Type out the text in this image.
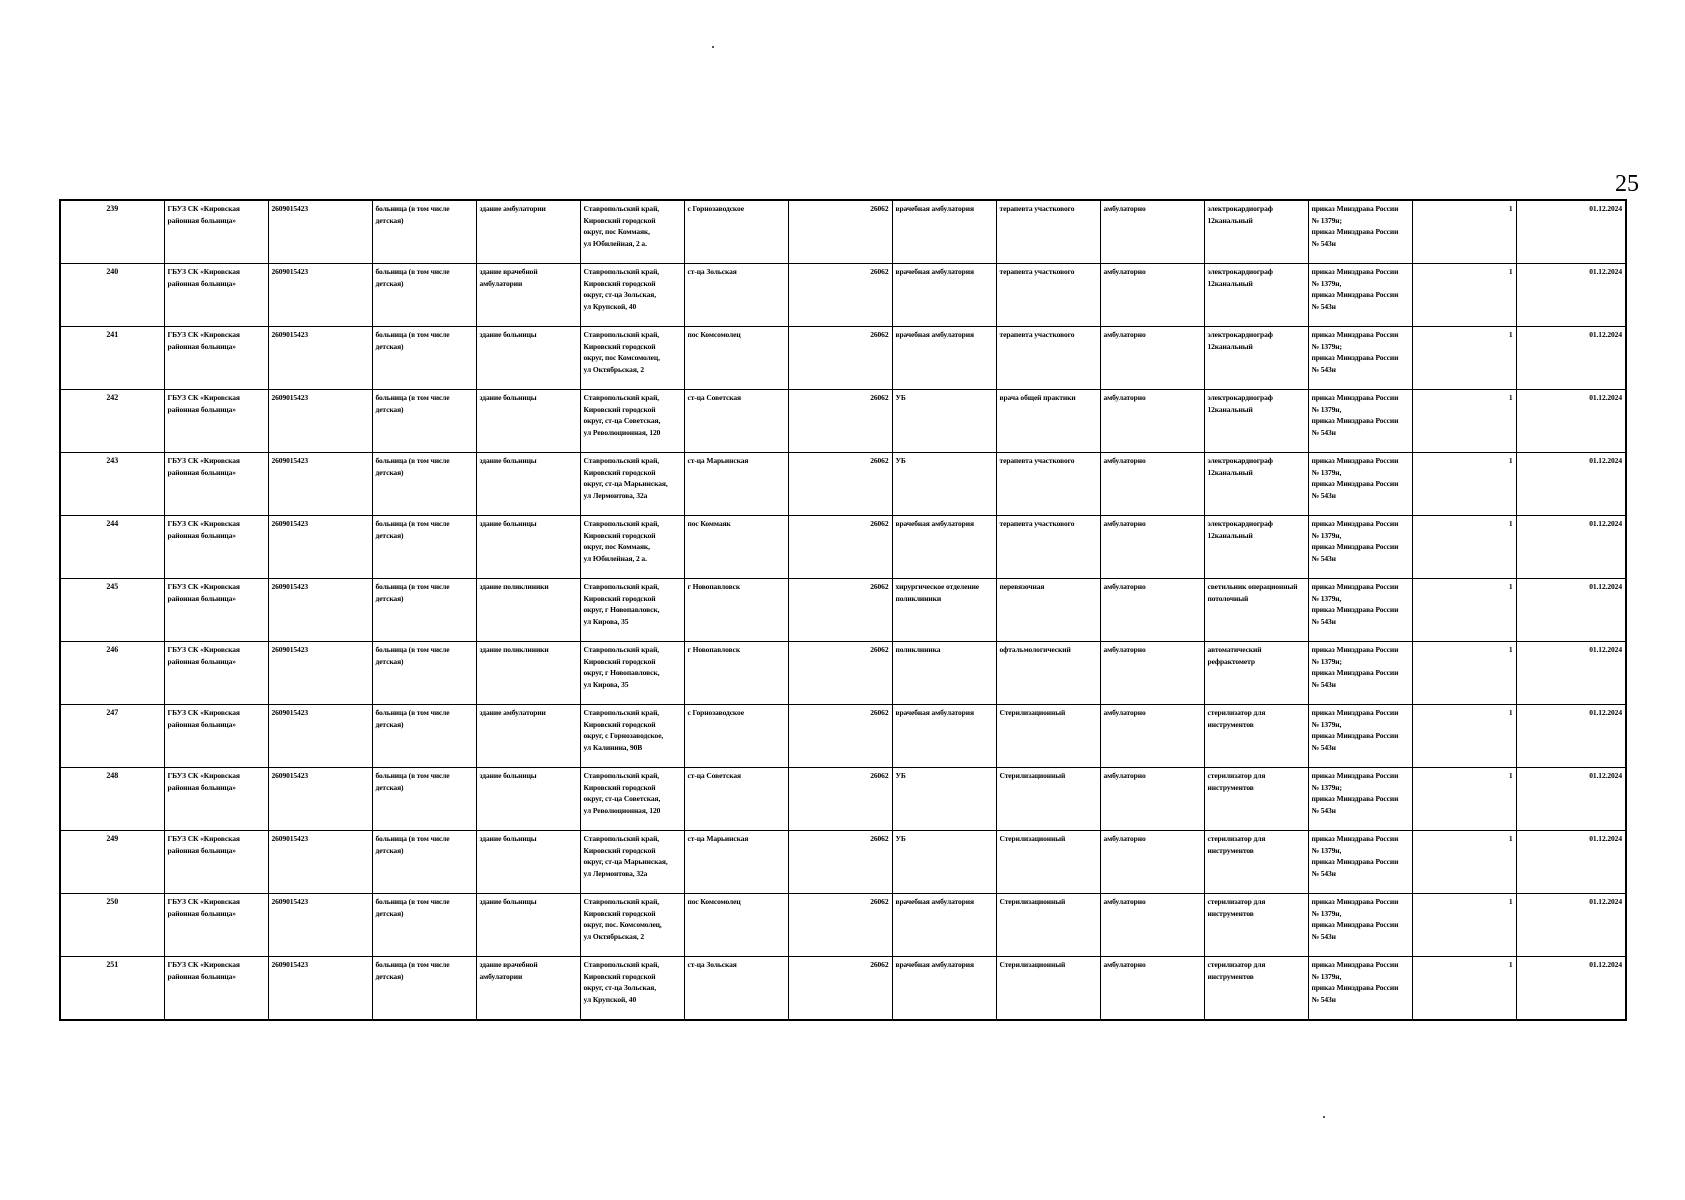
25
239	ГБУЗ СК «Кировская
районная больница»	2609015423	больница (в том числе
детская)	здание амбулатории	Ставропольский край,
Кировский городской
округ, пос Коммаяк,
ул Юбилейная, 2 а.	с Горнозаводское	26062	врачебная амбулатория	терапевта участкового	амбулаторно	электрокардиограф
12канальный	приказ Минздрава России
№ 1379н;
приказ Минздрава России
№ 543н	1	01.12.2024
240	ГБУЗ СК «Кировская
районная больница»	2609015423	больница (в том числе
детская)	здание врачебной
амбулатории	Ставропольский край,
Кировский городской
округ, ст-ца Зольская,
ул Крупской, 40	ст-ца Зольская	26062	врачебная амбулатория	терапевта участкового	амбулаторно	электрокардиограф
12канальный	приказ Минздрава России
№ 1379н,
приказ Минздрава России
№ 543н	1	01.12.2024
241	ГБУЗ СК «Кировская
районная больница»	2609015423	больница (в том числе
детская)	здание больницы	Ставропольский край,
Кировский городской
округ, пос Комсомолец,
ул Октябрьская, 2	пос Комсомолец	26062	врачебная амбулатория	терапевта участкового	амбулаторно	электрокардиограф
12канальный	приказ Минздрава России
№ 1379н;
приказ Минздрава России
№ 543н	1	01.12.2024
242	ГБУЗ СК «Кировская
районная больница»	2609015423	больница (в том числе
детская)	здание больницы	Ставропольский край,
Кировский городской
округ, ст-ца Советская,
ул Революционная, 120	ст-ца Советская	26062	УБ	врача общей практики	амбулаторно	электрокардиограф
12канальный	приказ Минздрава России
№ 1379н,
приказ Минздрава России
№ 543н	1	01.12.2024
243	ГБУЗ СК «Кировская
районная больница»	2609015423	больница (в том числе
детская)	здание больницы	Ставропольский край,
Кировский городской
округ, ст-ца Марьинская,
ул Лермонтова, 32а	ст-ца Марьинская	26062	УБ	терапевта участкового	амбулаторно	электрокардиограф
12канальный	приказ Минздрава России
№ 1379н,
приказ Минздрава России
№ 543н	1	01.12.2024
244	ГБУЗ СК «Кировская
районная больница»	2609015423	больница (в том числе
детская)	здание больницы	Ставропольский край,
Кировский городской
округ, пос Коммаяк,
ул Юбилейная, 2 а.	пос Коммаяк	26062	врачебная амбулатория	терапевта участкового	амбулаторно	электрокардиограф
12канальный	приказ Минздрава России
№ 1379н,
приказ Минздрава России
№ 543н	1	01.12.2024
245	ГБУЗ СК «Кировская
районная больница»	2609015423	больница (в том числе
детская)	здание поликлиники	Ставропольский край,
Кировский городской
округ, г Новопавловск,
ул Кирова, 35	г Новопавловск	26062	хирургическое отделение
поликлиники	перевязочная	амбулаторно	светильник операционный
потолочный	приказ Минздрава России
№ 1379н,
приказ Минздрава России
№ 543н	1	01.12.2024
246	ГБУЗ СК «Кировская
районная больница»	2609015423	больница (в том числе
детская)	здание поликлиники	Ставропольский край,
Кировский городской
округ, г Новопавловск,
ул Кирова, 35	г Новопавловск	26062	поликлиника	офтальмологический	амбулаторно	автоматический
рефрактометр	приказ Минздрава России
№ 1379н;
приказ Минздрава России
№ 543н	1	01.12.2024
247	ГБУЗ СК «Кировская
районная больница»	2609015423	больница (в том числе
детская)	здание амбулатории	Ставропольский край,
Кировский городской
округ, с Горнозаводское,
ул Калинина, 90В	с Горнозаводское	26062	врачебная амбулатория	Стерилизационный	амбулаторно	стерилизатор для
инструментов	приказ Минздрава России
№ 1379н,
приказ Минздрава России
№ 543н	1	01.12.2024
248	ГБУЗ СК «Кировская
районная больница»	2609015423	больница (в том числе
детская)	здание больницы	Ставропольский край,
Кировский городской
округ, ст-ца Советская,
ул Революционная, 120	ст-ца Советская	26062	УБ	Стерилизационный	амбулаторно	стерилизатор для
инструментов	приказ Минздрава России
№ 1379н;
приказ Минздрава России
№ 543н	1	01.12.2024
249	ГБУЗ СК «Кировская
районная больница»	2609015423	больница (в том числе
детская)	здание больницы	Ставропольский край,
Кировский городской
округ, ст-ца Марьинская,
ул Лермонтова, 32а	ст-ца Марьинская	26062	УБ	Стерилизационный	амбулаторно	стерилизатор для
инструментов	приказ Минздрава России
№ 1379н,
приказ Минздрава России
№ 543н	1	01.12.2024
250	ГБУЗ СК «Кировская
районная больница»	2609015423	больница (в том числе
детская)	здание больницы	Ставропольский край,
Кировский городской
округ, пос. Комсомолец,
ул Октябрьская, 2	пос Комсомолец	26062	врачебная амбулатория	Стерилизационный	амбулаторно	стерилизатор для
инструментов	приказ Минздрава России
№ 1379н,
приказ Минздрава России
№ 543н	1	01.12.2024
251	ГБУЗ СК «Кировская
районная больница»	2609015423	больница (в том числе
детская)	здание врачебной
амбулатории	Ставропольский край,
Кировский городской
округ, ст-ца Зольская,
ул Крупской, 40	ст-ца Зольская	26062	врачебная амбулатория	Стерилизационный	амбулаторно	стерилизатор для
инструментов	приказ Минздрава России
№ 1379н,
приказ Минздрава России
№ 543н	1	01.12.2024
